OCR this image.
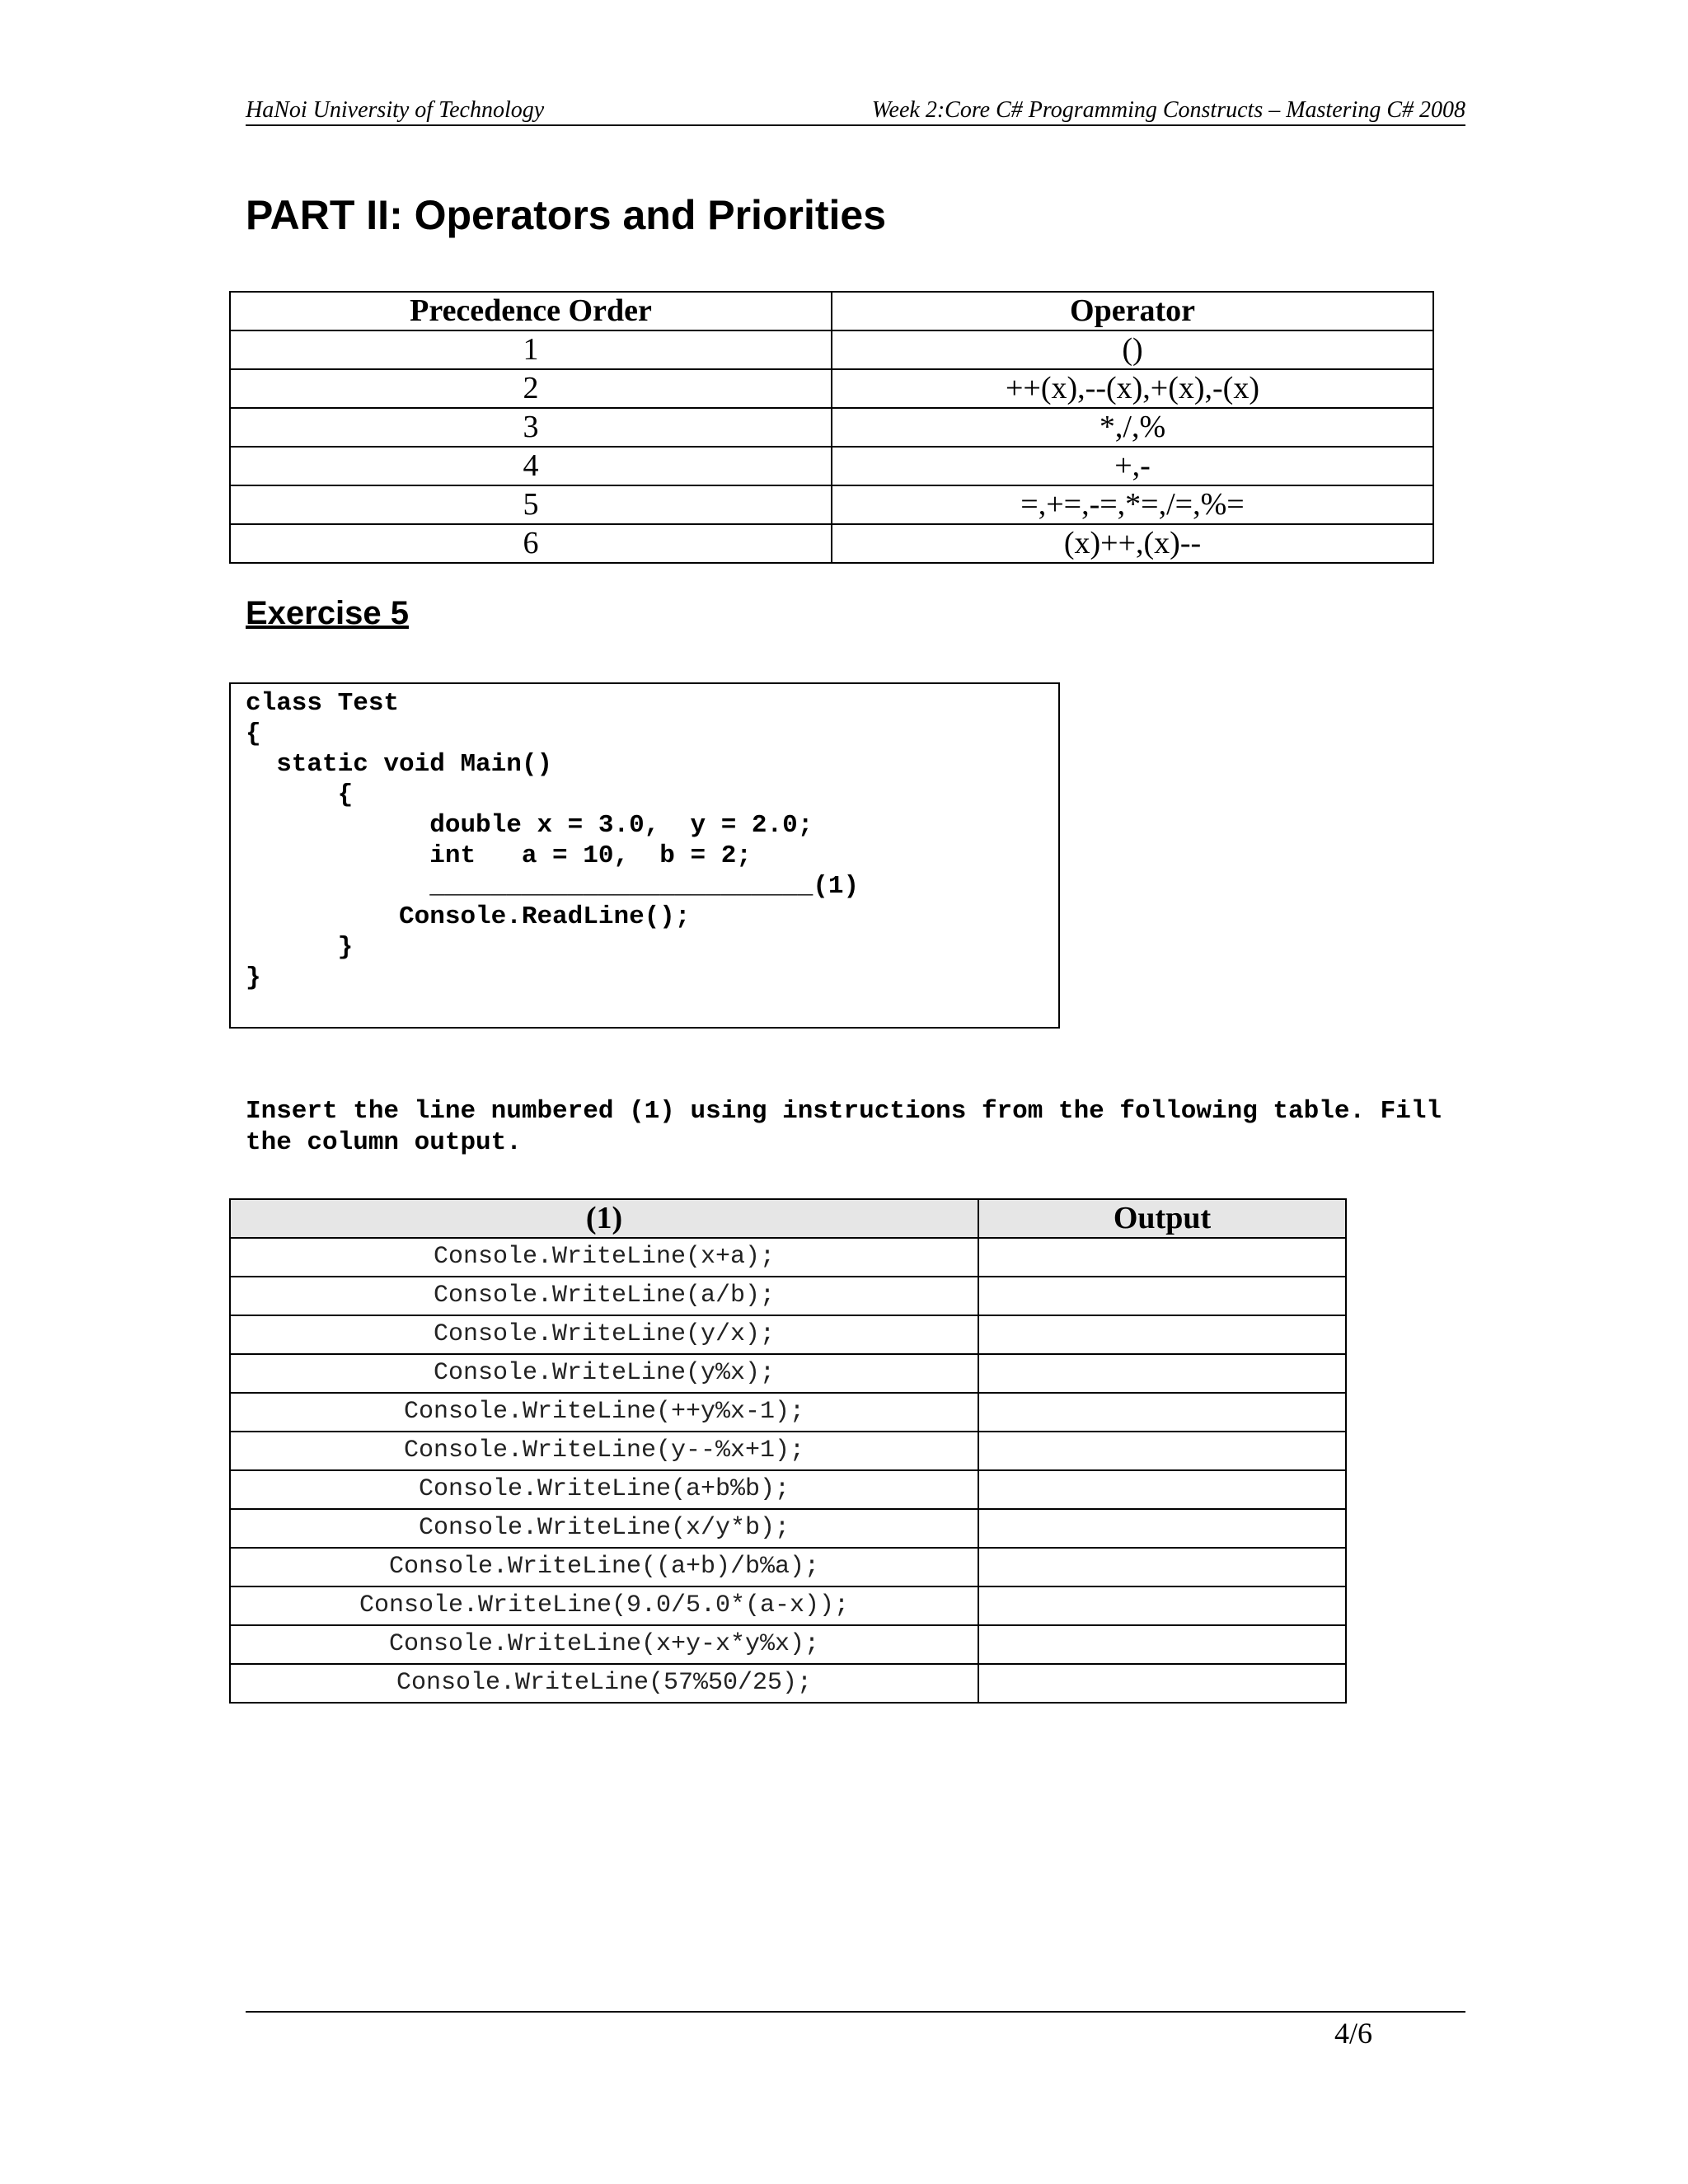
HaNoi University of Technology	Week 2:Core C# Programming Constructs – Mastering C# 2008
PART II: Operators and Priorities
Precedence Order	Operator
1	()
2	++(x),--(x),+(x),-(x)
3	*,/,%
4	+,-
5	=,+=,-=,*=,/=,%=
6	(x)++,(x)--
Exercise 5
class Test
{
static void Main()
{
double x = 3.0,  y = 2.0;
int   a = 10,  b = 2;
_________________________(1)
Console.ReadLine();
}
}

Insert the line numbered (1) using instructions from the following table. Fill the column output.

(1)	Output
Console.WriteLine(x+a);	
Console.WriteLine(a/b);	
Console.WriteLine(y/x);	
Console.WriteLine(y%x);	
Console.WriteLine(++y%x-1);	
Console.WriteLine(y--%x+1);	
Console.WriteLine(a+b%b);	
Console.WriteLine(x/y*b);	
Console.WriteLine((a+b)/b%a);	
Console.WriteLine(9.0/5.0*(a-x));	
Console.WriteLine(x+y-x*y%x);	
Console.WriteLine(57%50/25);	
4/6
